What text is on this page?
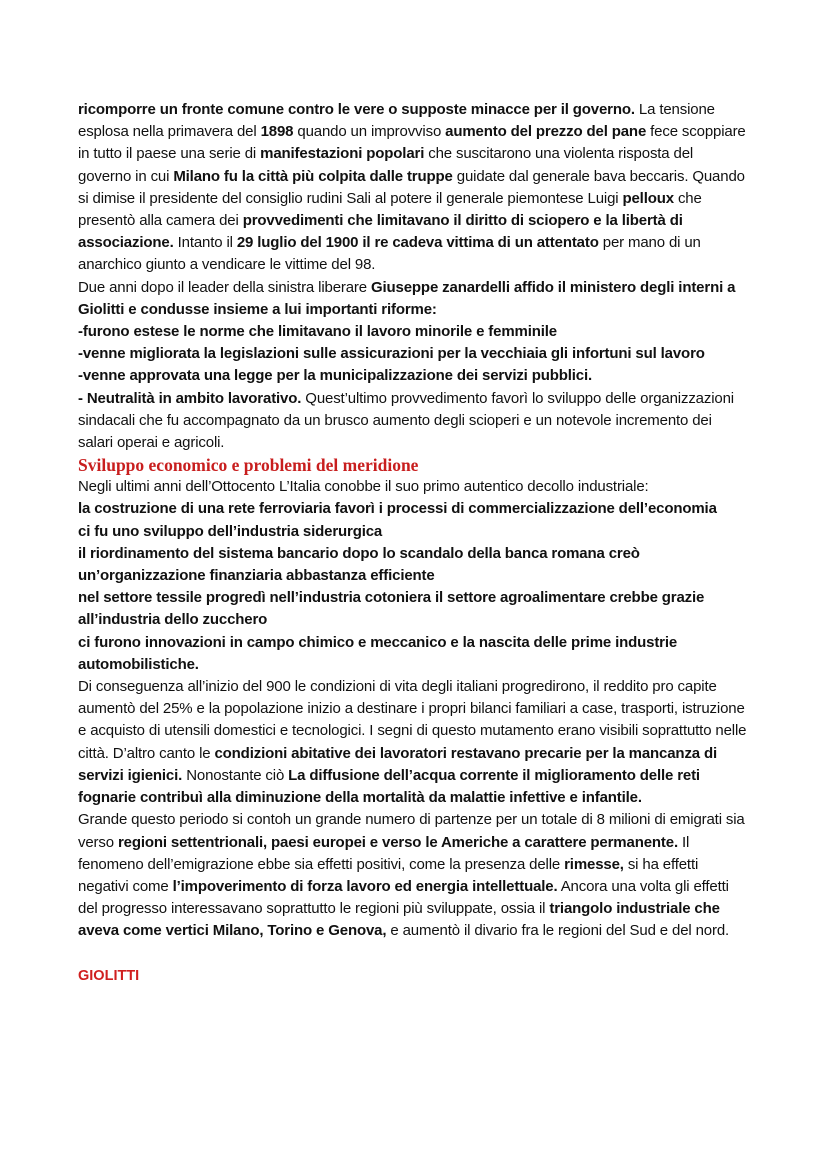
ricomporre un fronte comune contro le vere o supposte minacce per il governo. La tensione esplosa nella primavera del 1898 quando un improvviso aumento del prezzo del pane fece scoppiare in tutto il paese una serie di manifestazioni popolari che suscitarono una violenta risposta del governo in cui Milano fu la città più colpita dalle truppe guidate dal generale bava beccaris. Quando si dimise il presidente del consiglio rudini Sali al potere il generale piemontese Luigi pelloux che presentò alla camera dei provvedimenti che limitavano il diritto di sciopero e la libertà di associazione. Intanto il 29 luglio del 1900 il re cadeva vittima di un attentato per mano di un anarchico giunto a vendicare le vittime del 98.

Due anni dopo il leader della sinistra liberare Giuseppe zanardelli affido il ministero degli interni a Giolitti e condusse insieme a lui importanti riforme:

-furono estese le norme che limitavano il lavoro minorile e femminile

-venne migliorata la legislazioni sulle assicurazioni per la vecchiaia gli infortuni sul lavoro

-venne approvata una legge per la municipalizzazione dei servizi pubblici.

- Neutralità in ambito lavorativo. Quest’ultimo provvedimento favorì lo sviluppo delle organizzazioni sindacali che fu accompagnato da un brusco aumento degli scioperi e un notevole incremento dei salari operai e agricoli.

Sviluppo economico e problemi del meridione

Negli ultimi anni dell’Ottocento L’Italia conobbe il suo primo autentico decollo industriale:

la costruzione di una rete ferroviaria favorì i processi di commercializzazione dell’economia

ci fu uno sviluppo dell’industria siderurgica

il riordinamento del sistema bancario dopo lo scandalo della banca romana creò un’organizzazione finanziaria abbastanza efficiente

nel settore tessile progredì nell’industria cotoniera il settore agroalimentare crebbe grazie all’industria dello zucchero

ci furono innovazioni in campo chimico e meccanico e la nascita delle prime industrie automobilistiche.

Di conseguenza all’inizio del 900 le condizioni di vita degli italiani progredirono, il reddito pro capite aumentò del 25% e la popolazione inizio a destinare i propri bilanci familiari a case, trasporti, istruzione e acquisto di utensili domestici e tecnologici. I segni di questo mutamento erano visibili soprattutto nelle città. D’altro canto le condizioni abitative dei lavoratori restavano precarie per la mancanza di servizi igienici. Nonostante ciò La diffusione dell’acqua corrente il miglioramento delle reti fognarie contribuì alla diminuzione della mortalità da malattie infettive e infantile.

Grande questo periodo si contoh un grande numero di partenze per un totale di 8 milioni di emigrati sia verso regioni settentrionali, paesi europei e verso le Americhe a carattere permanente. Il fenomeno dell’emigrazione ebbe sia effetti positivi, come la presenza delle rimesse, si ha effetti negativi come l’impoverimento di forza lavoro ed energia intellettuale. Ancora una volta gli effetti del progresso interessavano soprattutto le regioni più sviluppate, ossia il triangolo industriale che aveva come vertici Milano, Torino e Genova, e aumentò il divario fra le regioni del Sud e del nord.

GIOLITTI
